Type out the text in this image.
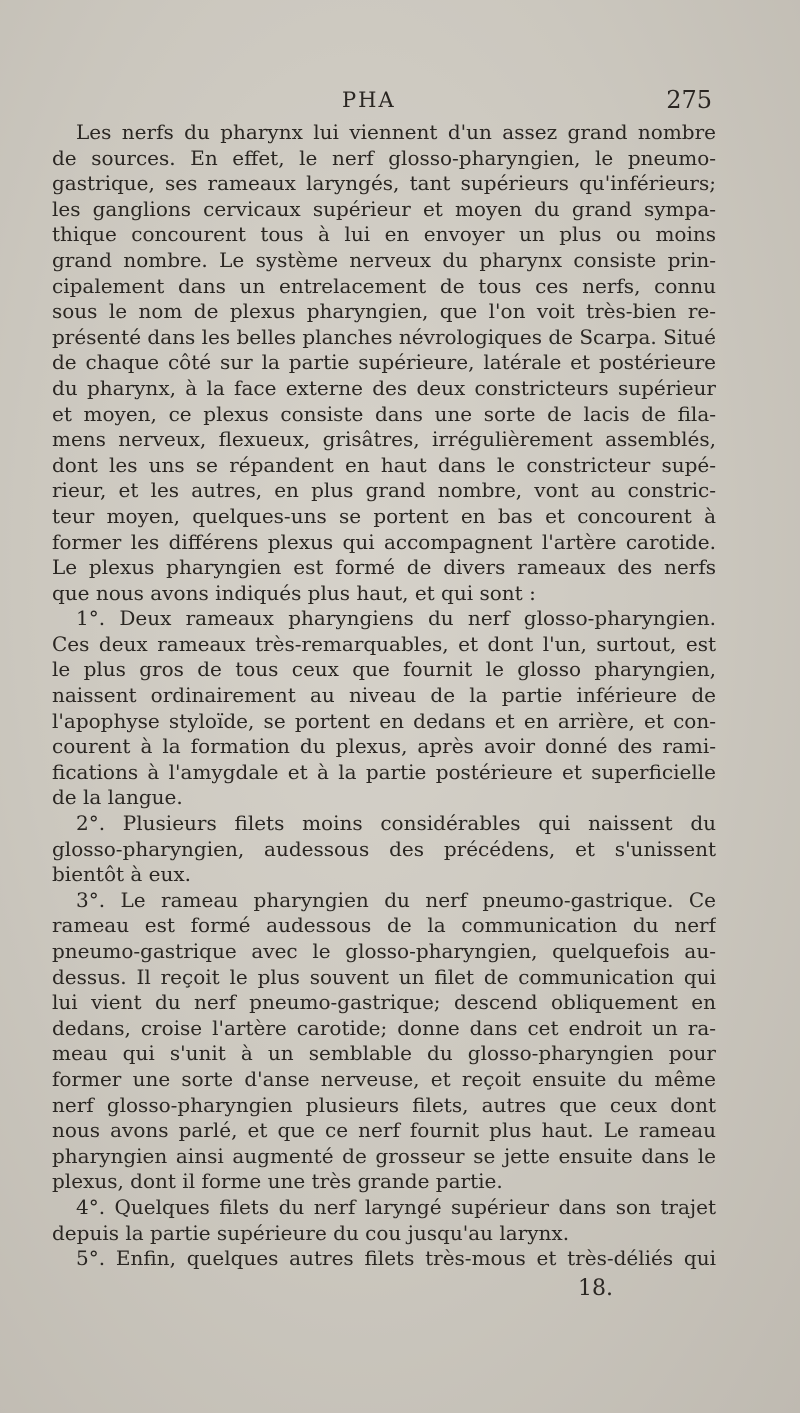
PHA	275
Les nerfs du pharynx lui viennent d'un assez grand nombre
de sources. En effet, le nerf glosso-pharyngien, le pneumo-
gastrique, ses rameaux laryngés, tant supérieurs qu'inférieurs;
les ganglions cervicaux supérieur et moyen du grand sympa-
thique concourent tous à lui en envoyer un plus ou moins
grand nombre. Le système nerveux du pharynx consiste prin-
cipalement dans un entrelacement de tous ces nerfs, connu
sous le nom de plexus pharyngien, que l'on voit très-bien re-
présenté dans les belles planches névrologiques de Scarpa. Situé
de chaque côté sur la partie supérieure, latérale et postérieure
du pharynx, à la face externe des deux constricteurs supérieur
et moyen, ce plexus consiste dans une sorte de lacis de fila-
mens nerveux, flexueux, grisâtres, irrégulièrement assemblés,
dont les uns se répandent en haut dans le constricteur supé-
rieur, et les autres, en plus grand nombre, vont au constric-
teur moyen, quelques-uns se portent en bas et concourent à
former les différens plexus qui accompagnent l'artère carotide.
Le plexus pharyngien est formé de divers rameaux des nerfs
que nous avons indiqués plus haut, et qui sont :
1°. Deux rameaux pharyngiens du nerf glosso-pharyngien.
Ces deux rameaux très-remarquables, et dont l'un, surtout, est
le plus gros de tous ceux que fournit le glosso pharyngien,
naissent ordinairement au niveau de la partie inférieure de
l'apophyse styloïde, se portent en dedans et en arrière, et con-
courent à la formation du plexus, après avoir donné des rami-
fications à l'amygdale et à la partie postérieure et superficielle
de la langue.
2°. Plusieurs filets moins considérables qui naissent du
glosso-pharyngien, audessous des précédens, et s'unissent
bientôt à eux.
3°. Le rameau pharyngien du nerf pneumo-gastrique. Ce
rameau est formé audessous de la communication du nerf
pneumo-gastrique avec le glosso-pharyngien, quelquefois au-
dessus. Il reçoit le plus souvent un filet de communication qui
lui vient du nerf pneumo-gastrique; descend obliquement en
dedans, croise l'artère carotide; donne dans cet endroit un ra-
meau qui s'unit à un semblable du glosso-pharyngien pour
former une sorte d'anse nerveuse, et reçoit ensuite du même
nerf glosso-pharyngien plusieurs filets, autres que ceux dont
nous avons parlé, et que ce nerf fournit plus haut. Le rameau
pharyngien ainsi augmenté de grosseur se jette ensuite dans le
plexus, dont il forme une très grande partie.
4°. Quelques filets du nerf laryngé supérieur dans son trajet
depuis la partie supérieure du cou jusqu'au larynx.
5°. Enfin, quelques autres filets très-mous et très-déliés qui
18.
